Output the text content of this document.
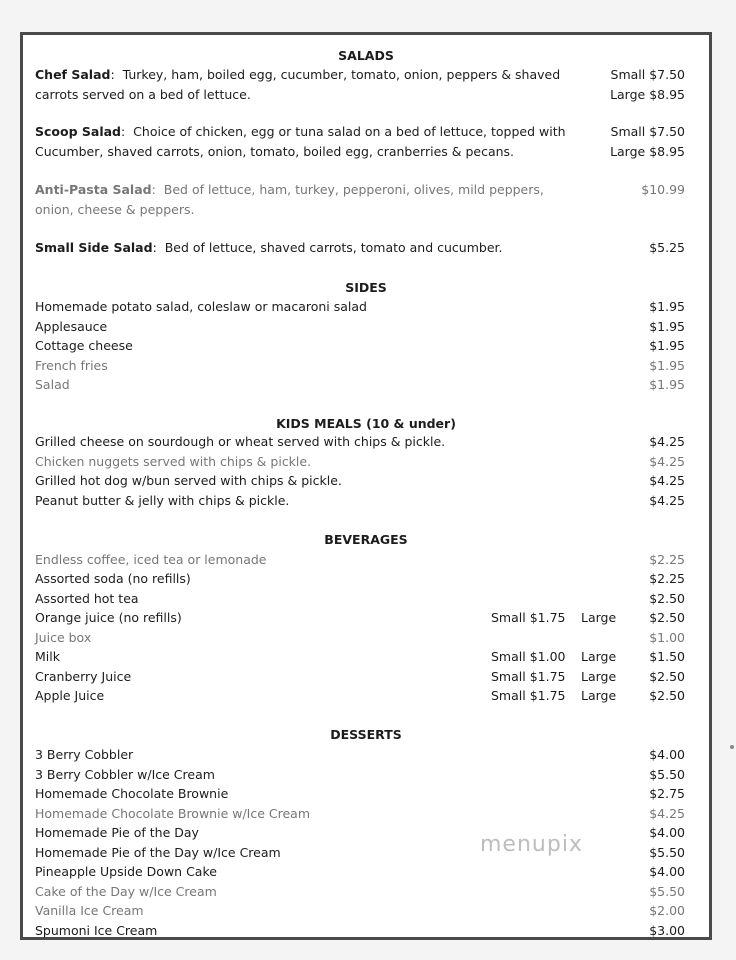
SALADS
Chef Salad:  Turkey, ham, boiled egg, cucumber, tomato, onion, peppers & shaved carrots served on a bed of lettuce.
Small $7.50
Large $8.95
Scoop Salad:  Choice of chicken, egg or tuna salad on a bed of lettuce, topped with Cucumber, shaved carrots, onion, tomato, boiled egg, cranberries & pecans.
Small $7.50
Large $8.95
Anti-Pasta Salad:  Bed of lettuce, ham, turkey, pepperoni, olives, mild peppers, onion, cheese & peppers.
$10.99
Small Side Salad:  Bed of lettuce, shaved carrots, tomato and cucumber.	$5.25
SIDES
Homemade potato salad, coleslaw or macaroni salad	$1.95
Applesauce	$1.95
Cottage cheese	$1.95
French fries	$1.95
Salad	$1.95
KIDS MEALS (10 & under)
Grilled cheese on sourdough or wheat served with chips & pickle.	$4.25
Chicken nuggets served with chips & pickle.	$4.25
Grilled hot dog w/bun served with chips & pickle.	$4.25
Peanut butter & jelly with chips & pickle.	$4.25
BEVERAGES
Endless coffee, iced tea or lemonade	$2.25
Assorted soda (no refills)	$2.25
Assorted hot tea	$2.50
Orange juice (no refills)	Small $1.75 Large	$2.50
Juice box	$1.00
Milk	Small $1.00 Large	$1.50
Cranberry Juice	Small $1.75 Large	$2.50
Apple Juice	Small $1.75 Large	$2.50
DESSERTS
3 Berry Cobbler	$4.00
3 Berry Cobbler w/Ice Cream	$5.50
Homemade Chocolate Brownie	$2.75
Homemade Chocolate Brownie w/Ice Cream	$4.25
Homemade Pie of the Day	$4.00
Homemade Pie of the Day w/Ice Cream	$5.50
Pineapple Upside Down Cake	$4.00
Cake of the Day w/Ice Cream	$5.50
Vanilla Ice Cream	$2.00
Spumoni Ice Cream	$3.00
menupix
